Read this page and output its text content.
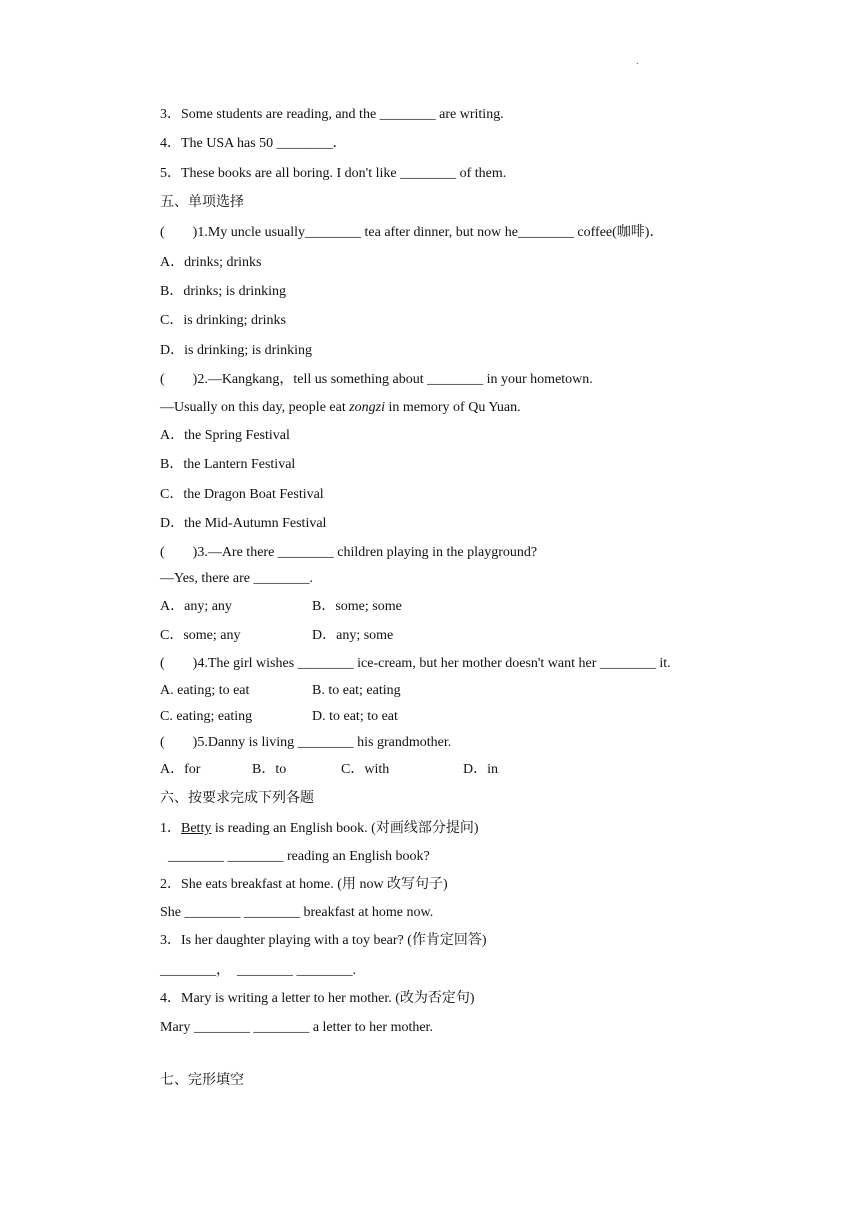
.
3．Some students are reading, and the ________ are writing.
4．The USA has 50 ________．
5．These books are all boring. I don't like ________ of them.
五、单项选择
(　　)1.My uncle usually________ tea after dinner, but now he________ coffee(咖啡)．
A．drinks; drinks
B．drinks; is drinking
C．is drinking; drinks
D．is drinking; is drinking
(　　)2.—Kangkang，tell us something about ________ in your hometown.
—Usually on this day, people eat zongzi in memory of Qu Yuan.
A．the Spring Festival
B．the Lantern Festival
C．the Dragon Boat Festival
D．the Mid-Autumn Festival
(　　)3.—Are there ________ children playing in the playground?
—Yes, there are ________.
A．any; any	B．some; some
C．some; any	D．any; some
(　　)4.The girl wishes ________ ice-cream, but her mother doesn't want her ________ it.
A. eating; to eat	B. to eat; eating
C. eating; eating	D. to eat; to eat
(　　)5.Danny is living ________ his grandmother.
A．for	B．to	C．with	D．in
六、按要求完成下列各题
1．Betty is reading an English book. (对画线部分提问)
________ ________ reading an English book?
2．She eats breakfast at home. (用 now 改写句子)
She ________ ________ breakfast at home now.
3．Is her daughter playing with a toy bear? (作肯定回答)
________，  ________ ________.
4．Mary is writing a letter to her mother. (改为否定句)
Mary ________ ________ a letter to her mother.
七、完形填空
